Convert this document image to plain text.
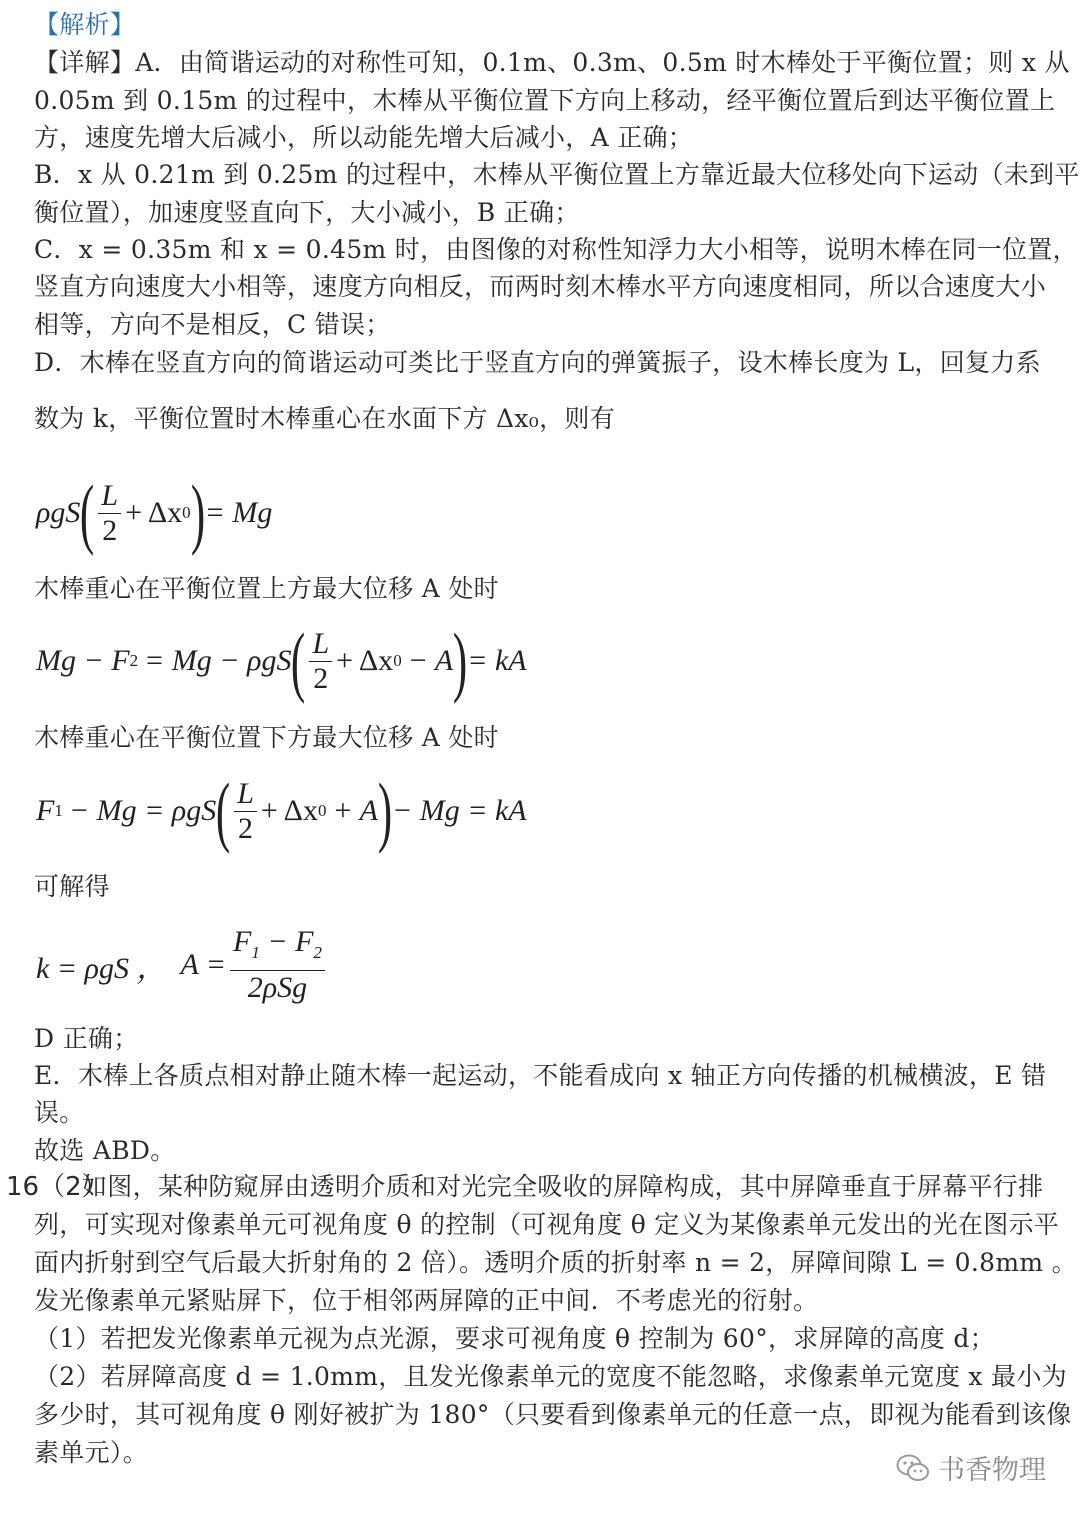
【解析】
【详解】A．由简谐运动的对称性可知，0.1m、0.3m、0.5m 时木棒处于平衡位置；则 x 从
0.05m 到 0.15m 的过程中，木棒从平衡位置下方向上移动，经平衡位置后到达平衡位置上
方，速度先增大后减小，所以动能先增大后减小，A 正确；
B．x 从 0.21m 到 0.25m 的过程中，木棒从平衡位置上方靠近最大位移处向下运动（未到平
衡位置），加速度竖直向下，大小减小，B 正确；
C．x = 0.35m 和 x = 0.45m 时，由图像的对称性知浮力大小相等，说明木棒在同一位置，
竖直方向速度大小相等，速度方向相反，而两时刻木棒水平方向速度相同，所以合速度大小
相等，方向不是相反，C 错误；
D．木棒在竖直方向的简谐运动可类比于竖直方向的弹簧振子，设木棒长度为 L，回复力系
数为 k，平衡位置时木棒重心在水面下方 Δx₀，则有
ρgS ( $\frac{L}{2} + \Delta x$ 0 ) = Mg
木棒重心在平衡位置上方最大位移 A 处时
Mg − F 2 = Mg − ρgS ( $\frac{L}{2} + \Delta x$ 0 − A ) = kA
木棒重心在平衡位置下方最大位移 A 处时
F 1 − Mg = ρgS ( $\frac{L}{2} + \Delta x$ 0 + A ) − Mg = kA
可解得
k = ρgS ， $A = \frac{F_1 - F_2}{\text{2ρSg}}$
D 正确；
E．木棒上各质点相对静止随木棒一起运动，不能看成向 x 轴正方向传播的机械横波，E 错
误。
故选 ABD。
16（2）
如图，某种防窥屏由透明介质和对光完全吸收的屏障构成，其中屏障垂直于屏幕平行排
列，可实现对像素单元可视角度 θ 的控制（可视角度 θ 定义为某像素单元发出的光在图示平
面内折射到空气后最大折射角的 2 倍）。透明介质的折射率 n = 2，屏障间隙 L = 0.8mm 。
发光像素单元紧贴屏下，位于相邻两屏障的正中间．不考虑光的衍射。
（1）若把发光像素单元视为点光源，要求可视角度 θ 控制为 60°，求屏障的高度 d；
（2）若屏障高度 d = 1.0mm，且发光像素单元的宽度不能忽略，求像素单元宽度 x 最小为
多少时，其可视角度 θ 刚好被扩为 180°（只要看到像素单元的任意一点，即视为能看到该像
素单元）。
书香物理
